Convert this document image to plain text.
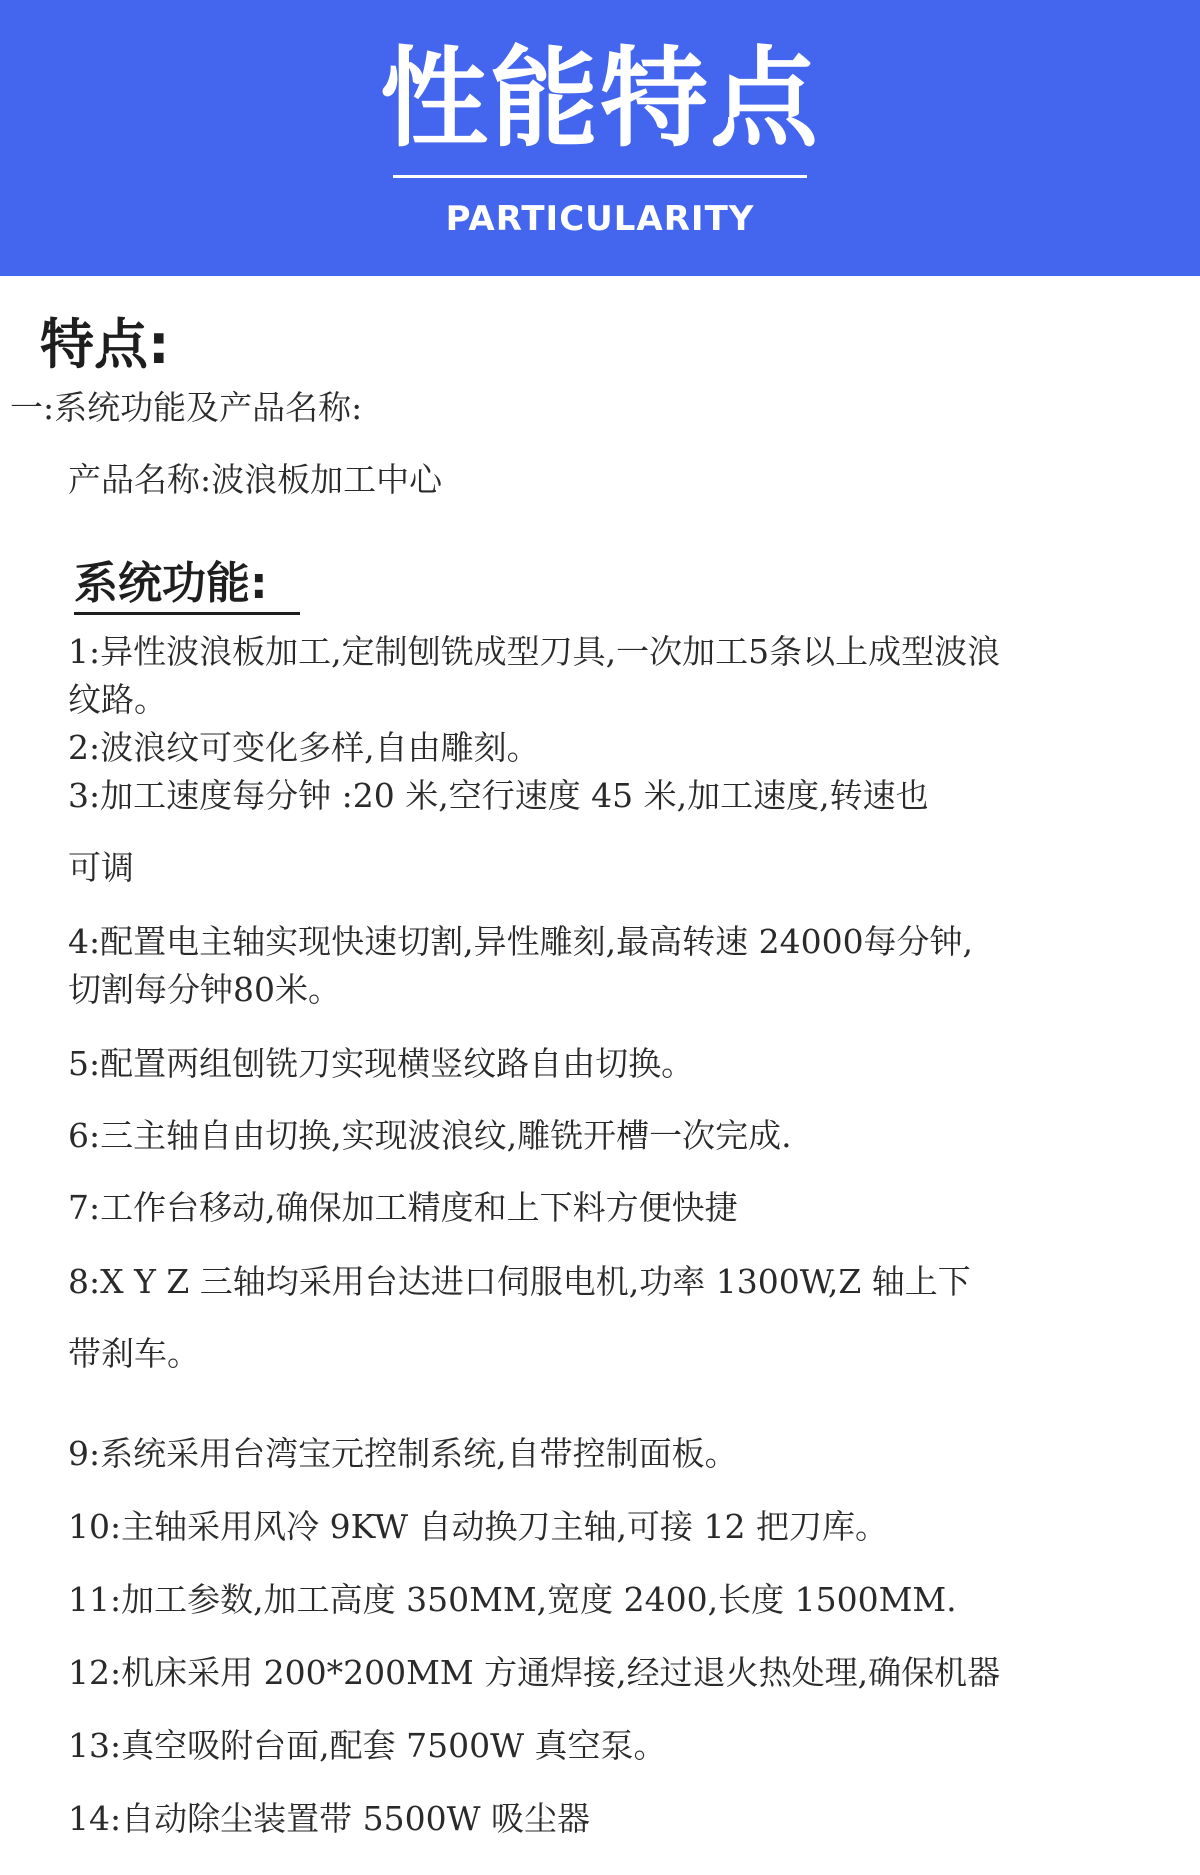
性能特点
PARTICULARITY
特点:
一:系统功能及产品名称:
产品名称:波浪板加工中心
系统功能:
1:异性波浪板加工,定制刨铣成型刀具,一次加工5条以上成型波浪
纹路。
2:波浪纹可变化多样,自由雕刻。
3:加工速度每分钟 :20 米,空行速度 45 米,加工速度,转速也
可调
4:配置电主轴实现快速切割,异性雕刻,最高转速 24000每分钟,
切割每分钟80米。
5:配置两组刨铣刀实现横竖纹路自由切换。
6:三主轴自由切换,实现波浪纹,雕铣开槽一次完成.
7:工作台移动,确保加工精度和上下料方便快捷
8:X Y Z 三轴均采用台达进口伺服电机,功率 1300W,Z 轴上下
带刹车。
9:系统采用台湾宝元控制系统,自带控制面板。
10:主轴采用风冷 9KW 自动换刀主轴,可接 12 把刀库。
11:加工参数,加工高度 350MM,宽度 2400,长度 1500MM.
12:机床采用 200*200MM 方通焊接,经过退火热处理,确保机器
13:真空吸附台面,配套 7500W 真空泵。
14:自动除尘装置带 5500W 吸尘器
